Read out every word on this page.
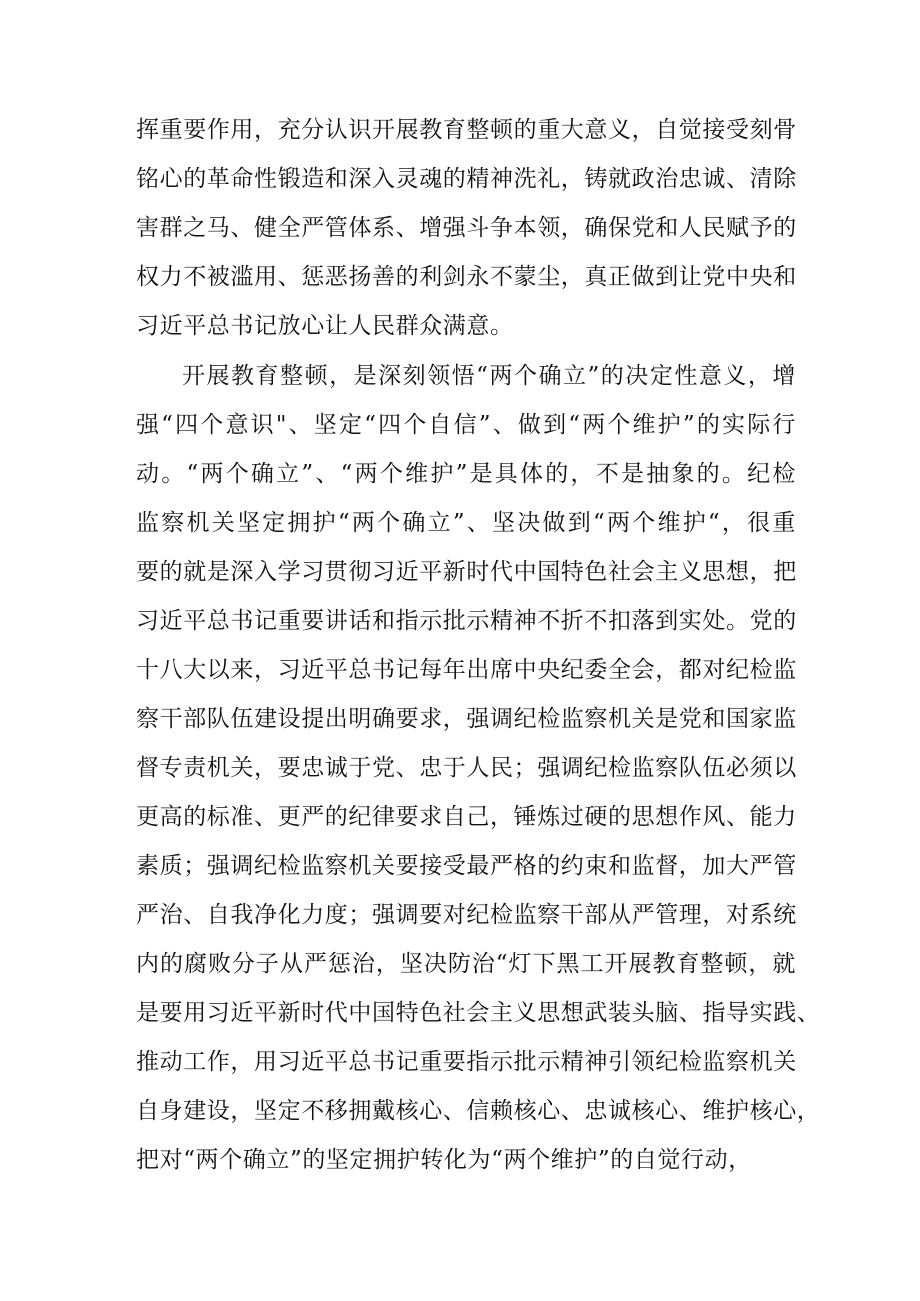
挥重要作用，充分认识开展教育整顿的重大意义，自觉接受刻骨
铭心的革命性锻造和深入灵魂的精神洗礼，铸就政治忠诚、清除
害群之马、健全严管体系、增强斗争本领，确保党和人民赋予的
权力不被滥用、惩恶扬善的利剑永不蒙尘，真正做到让党中央和
习近平总书记放心让人民群众满意。
开展教育整顿，是深刻领悟“两个确立”的决定性意义，增
强“四个意识"、坚定“四个自信”、做到“两个维护”的实际行
动。“两个确立”、“两个维护”是具体的，不是抽象的。纪检
监察机关坚定拥护“两个确立”、坚决做到“两个维护“，很重
要的就是深入学习贯彻习近平新时代中国特色社会主义思想，把
习近平总书记重要讲话和指示批示精神不折不扣落到实处。党的
十八大以来，习近平总书记每年出席中央纪委全会，都对纪检监
察干部队伍建设提出明确要求，强调纪检监察机关是党和国家监
督专责机关，要忠诚于党、忠于人民；强调纪检监察队伍必须以
更高的标准、更严的纪律要求自己，锤炼过硬的思想作风、能力
素质；强调纪检监察机关要接受最严格的约束和监督，加大严管
严治、自我净化力度；强调要对纪检监察干部从严管理，对系统
内的腐败分子从严惩治，坚决防治“灯下黑工开展教育整顿，就
是要用习近平新时代中国特色社会主义思想武装头脑、指导实践、
推动工作，用习近平总书记重要指示批示精神引领纪检监察机关
自身建设，坚定不移拥戴核心、信赖核心、忠诚核心、维护核心，
把对“两个确立”的坚定拥护转化为“两个维护”的自觉行动，
